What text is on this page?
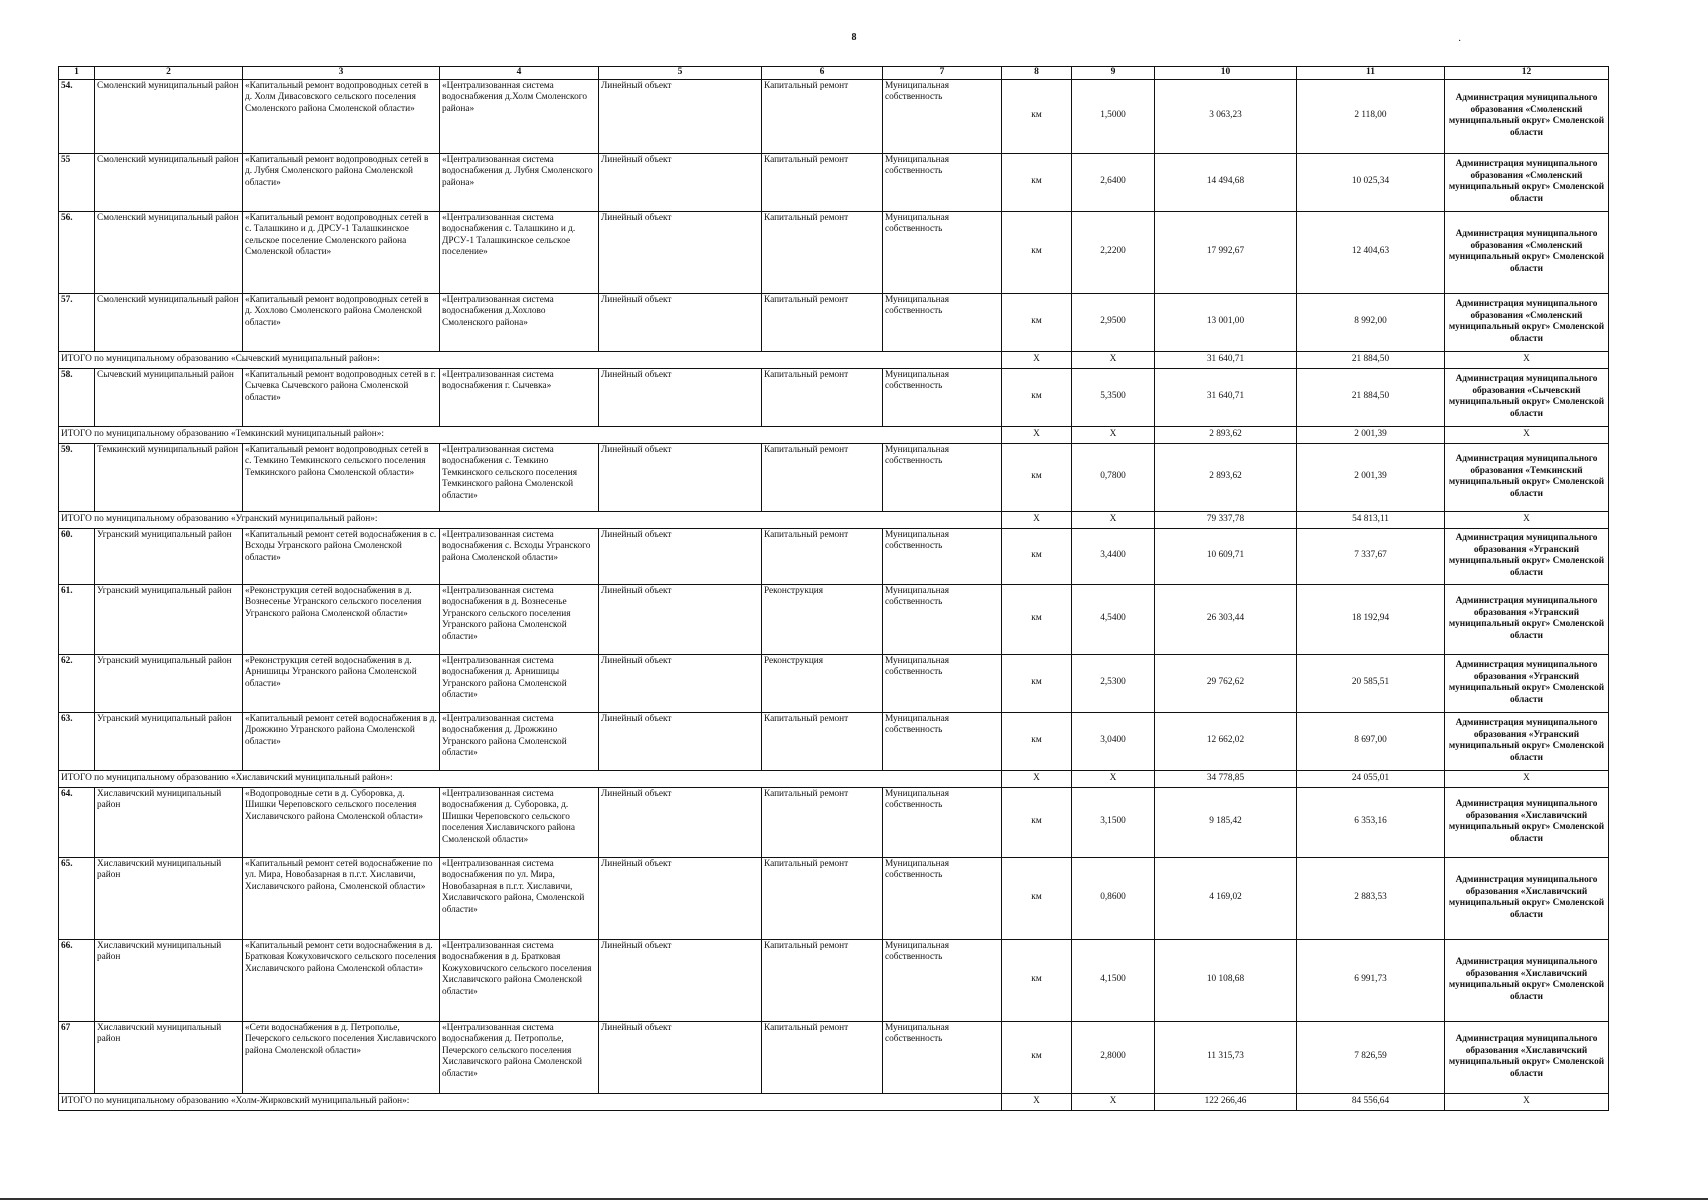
8	·
1	2	3	4	5	6	7	8	9	10	11	12
54.	Смоленский муниципальный район	«Капитальный ремонт водопроводных сетей в д. Холм Дивасовского сельского поселения Смоленского района Смоленской области»	«Централизованная система водоснабжения д.Холм Смоленского района»	Линейный объект	Капитальный ремонт	Муниципальная собственность	км	1,5000	3 063,23	2 118,00	Администрация муниципального образования «Смоленский муниципальный округ» Смоленской области
55	Смоленский муниципальный район	«Капитальный ремонт водопроводных сетей в д. Лубня Смоленского района Смоленской области»	«Централизованная система водоснабжения д. Лубня Смоленского района»	Линейный объект	Капитальный ремонт	Муниципальная собственность	км	2,6400	14 494,68	10 025,34	Администрация муниципального образования «Смоленский муниципальный округ» Смоленской области
56.	Смоленский муниципальный район	«Капитальный ремонт водопроводных сетей в с. Талашкино и д. ДРСУ-1 Талашкинское сельское поселение Смоленского района Смоленской области»	«Централизованная система водоснабжения с. Талашкино и д. ДРСУ-1 Талашкинское сельское поселение»	Линейный объект	Капитальный ремонт	Муниципальная собственность	км	2,2200	17 992,67	12 404,63	Администрация муниципального образования «Смоленский муниципальный округ» Смоленской области
57.	Смоленский муниципальный район	«Капитальный ремонт водопроводных сетей в д. Хохлово Смоленского района Смоленской области»	«Централизованная система водоснабжения д.Хохлово Смоленского района»	Линейный объект	Капитальный ремонт	Муниципальная собственность	км	2,9500	13 001,00	8 992,00	Администрация муниципального образования «Смоленский муниципальный округ» Смоленской области
ИТОГО по муниципальному образованию «Сычевский муниципальный район»:							Х	Х	31 640,71	21 884,50	Х
58.	Сычевский муниципальный район	«Капитальный ремонт водопроводных сетей в г. Сычевка Сычевского района Смоленской области»	«Централизованная система водоснабжения г. Сычевка»	Линейный объект	Капитальный ремонт	Муниципальная собственность	км	5,3500	31 640,71	21 884,50	Администрация муниципального образования «Сычевский муниципальный округ» Смоленской области
ИТОГО по муниципальному образованию «Темкинский муниципальный район»:							Х	Х	2 893,62	2 001,39	Х
59.	Темкинский муниципальный район	«Капитальный ремонт водопроводных сетей в с. Темкино Темкинского сельского поселения Темкинского района Смоленской области»	«Централизованная система водоснабжения с. Темкино Темкинского сельского поселения Темкинского района Смоленской области»	Линейный объект	Капитальный ремонт	Муниципальная собственность	км	0,7800	2 893,62	2 001,39	Администрация муниципального образования «Темкинский муниципальный округ» Смоленской области
ИТОГО по муниципальному образованию «Угранский муниципальный район»:							Х	Х	79 337,78	54 813,11	Х
60.	Угранский муниципальный район	«Капитальный ремонт сетей водоснабжения в с. Всходы Угранского района Смоленской области»	«Централизованная система водоснабжения с. Всходы Угранского района Смоленской области»	Линейный объект	Капитальный ремонт	Муниципальная собственность	км	3,4400	10 609,71	7 337,67	Администрация муниципального образования «Угранский муниципальный округ» Смоленской области
61.	Угранский муниципальный район	«Реконструкция сетей водоснабжения в д. Вознесенье Угранского сельского поселения Угранского района Смоленской области»	«Централизованная система водоснабжения в д. Вознесенье Угранского сельского поселения Угранского района Смоленской области»	Линейный объект	Реконструкция	Муниципальная собственность	км	4,5400	26 303,44	18 192,94	Администрация муниципального образования «Угранский муниципальный округ» Смоленской области
62.	Угранский муниципальный район	«Реконструкция сетей водоснабжения в д. Арнишицы Угранского района Смоленской области»	«Централизованная система водоснабжения д. Арнишицы Угранского района Смоленской области»	Линейный объект	Реконструкция	Муниципальная собственность	км	2,5300	29 762,62	20 585,51	Администрация муниципального образования «Угранский муниципальный округ» Смоленской области
63.	Угранский муниципальный район	«Капитальный ремонт сетей водоснабжения в д. Дрожжино Угранского района Смоленской области»	«Централизованная система водоснабжения д. Дрожжино Угранского района Смоленской области»	Линейный объект	Капитальный ремонт	Муниципальная собственность	км	3,0400	12 662,02	8 697,00	Администрация муниципального образования «Угранский муниципальный округ» Смоленской области
ИТОГО по муниципальному образованию «Хиславичский муниципальный район»:							Х	Х	34 778,85	24 055,01	Х
64.	Хиславичский муниципальный район	«Водопроводные сети в д. Суборовка, д. Шишки Череповского сельского поселения Хиславичского района Смоленской области»	«Централизованная система водоснабжения д. Суборовка, д. Шишки Череповского сельского поселения Хиславичского района Смоленской области»	Линейный объект	Капитальный ремонт	Муниципальная собственность	км	3,1500	9 185,42	6 353,16	Администрация муниципального образования «Хиславичский муниципальный округ» Смоленской области
65.	Хиславичский муниципальный район	«Капитальный ремонт сетей водоснабжение по ул. Мира, Новобазарная в п.г.т. Хиславичи, Хиславичского района, Смоленской области»	«Централизованная система водоснабжения по ул. Мира, Новобазарная в п.г.т. Хиславичи, Хиславичского района, Смоленской области»	Линейный объект	Капитальный ремонт	Муниципальная собственность	км	0,8600	4 169,02	2 883,53	Администрация муниципального образования «Хиславичский муниципальный округ» Смоленской области
66.	Хиславичский муниципальный район	«Капитальный ремонт сети водоснабжения в д. Братковая Кожуховичского сельского поселения Хиславичского района Смоленской области»	«Централизованная система водоснабжения в д. Братковая Кожуховичского сельского поселения Хиславичского района Смоленской области»	Линейный объект	Капитальный ремонт	Муниципальная собственность	км	4,1500	10 108,68	6 991,73	Администрация муниципального образования «Хиславичский муниципальный округ» Смоленской области
67	Хиславичский муниципальный район	«Сети водоснабжения в д. Петрополье, Печерского сельского поселения Хиславичского района Смоленской области»	«Централизованная система водоснабжения д. Петрополье, Печерского сельского поселения Хиславичского района Смоленской области»	Линейный объект	Капитальный ремонт	Муниципальная собственность	км	2,8000	11 315,73	7 826,59	Администрация муниципального образования «Хиславичский муниципальный округ» Смоленской области
ИТОГО по муниципальному образованию «Холм-Жирковский муниципальный район»:							Х	Х	122 266,46	84 556,64	Х
